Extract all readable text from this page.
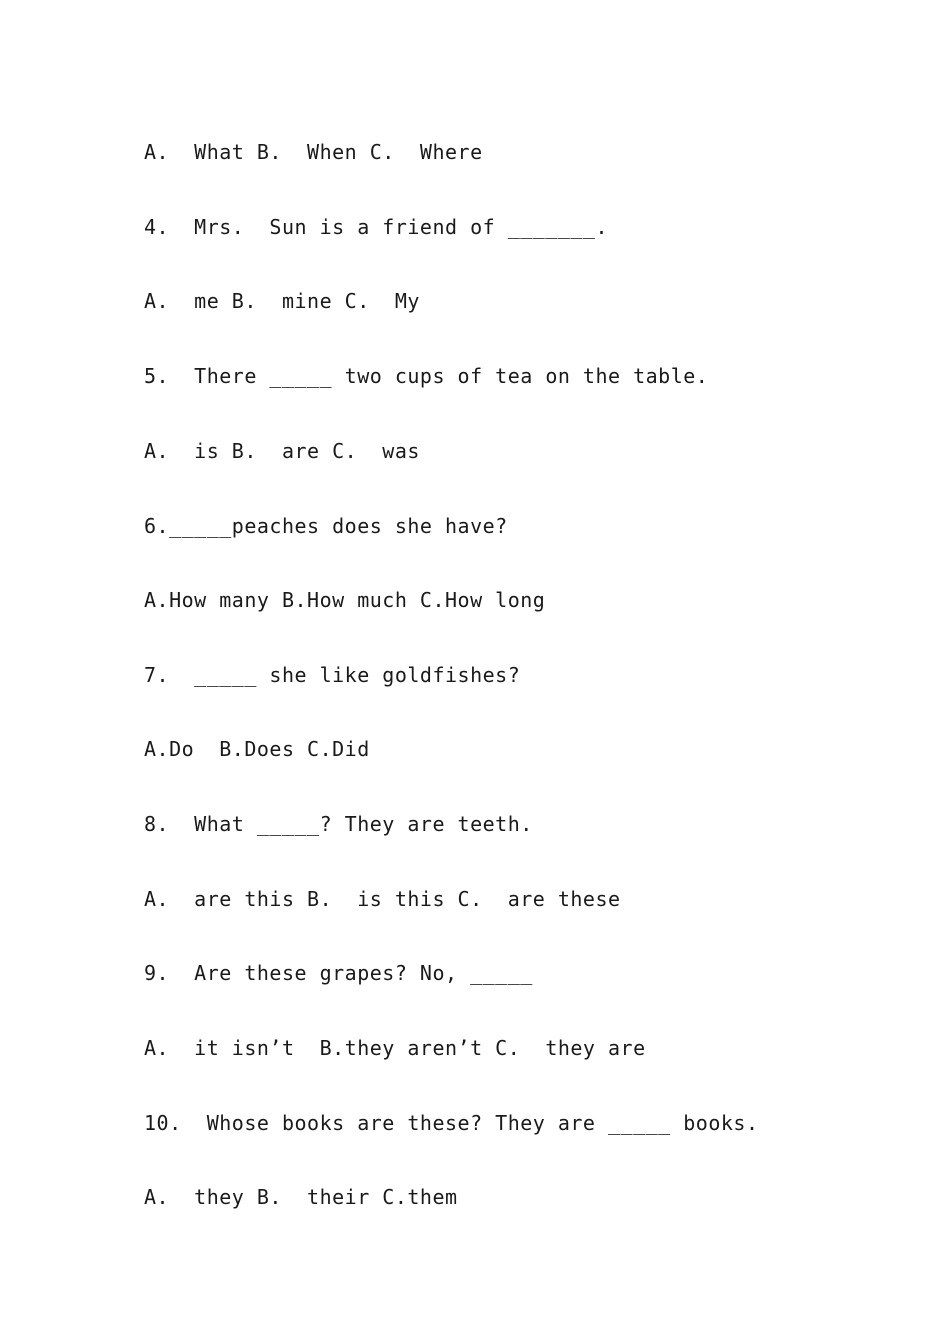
A.  What B.  When C.  Where
4.  Mrs.  Sun is a friend of _______.
A.  me B.  mine C.  My
5.  There _____ two cups of tea on the table.
A.  is B.  are C.  was
6._____peaches does she have?
A.How many B.How much C.How long
7.  _____ she like goldfishes?
A.Do  B.Does C.Did
8.  What _____? They are teeth.
A.  are this B.  is this C.  are these
9.  Are these grapes? No, _____
A.  it isn’t  B.they aren’t C.  they are
10.  Whose books are these? They are _____ books.
A.  they B.  their C.them
